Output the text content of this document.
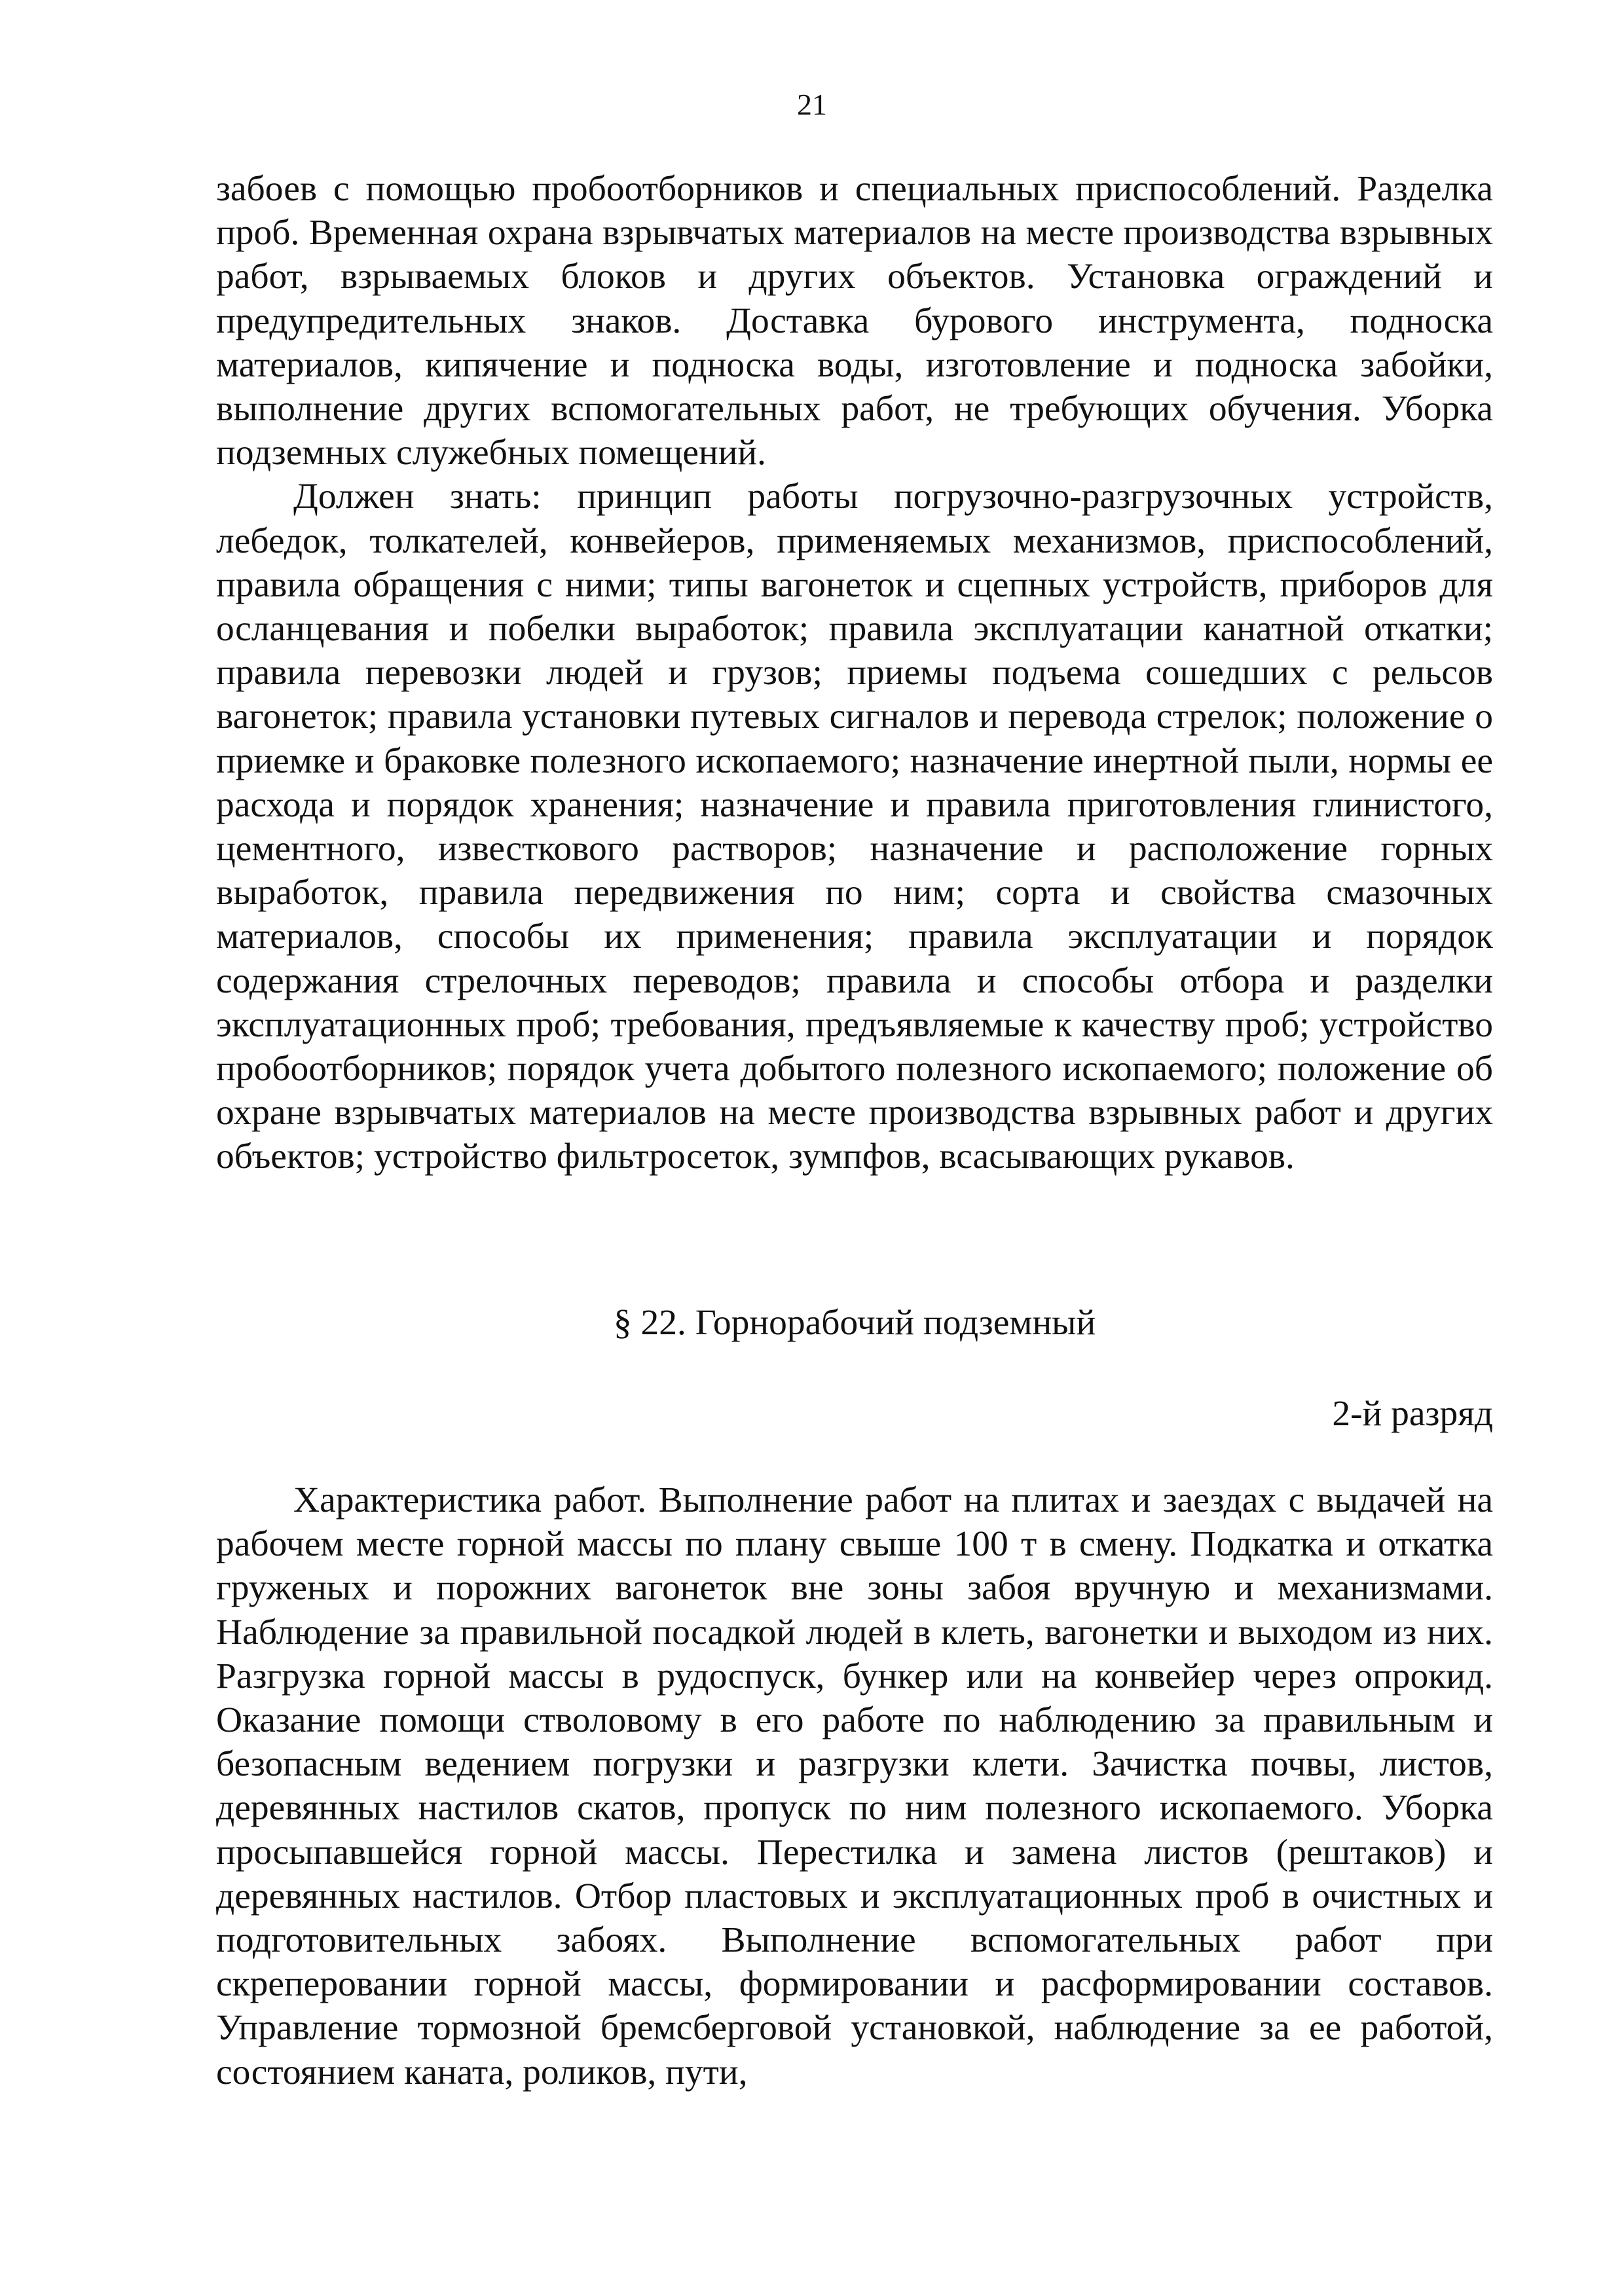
21

забоев с помощью пробоотборников и специальных приспособлений. Разделка проб. Временная охрана взрывчатых материалов на месте производства взрывных работ, взрываемых блоков и других объектов. Установка ограждений и предупредительных знаков. Доставка бурового инструмента, подноска материалов, кипячение и подноска воды, изготовление и подноска забойки, выполнение других вспомогательных работ, не требующих обучения. Уборка подземных служебных помещений.

Должен знать: принцип работы погрузочно-разгрузочных устройств, лебедок, толкателей, конвейеров, применяемых механизмов, приспособлений, правила обращения с ними; типы вагонеток и сцепных устройств, приборов для осланцевания и побелки выработок; правила эксплуатации канатной откатки; правила перевозки людей и грузов; приемы подъема сошедших с рельсов вагонеток; правила установки путевых сигналов и перевода стрелок; положение о приемке и браковке полезного ископаемого; назначение инертной пыли, нормы ее расхода и порядок хранения; назначение и правила приготовления глинистого, цементного, известкового растворов; назначение и расположение горных выработок, правила передвижения по ним; сорта и свойства смазочных материалов, способы их применения; правила эксплуатации и порядок содержания стрелочных переводов; правила и способы отбора и разделки эксплуатационных проб; требования, предъявляемые к качеству проб; устройство пробоотборников; порядок учета добытого полезного ископаемого; положение об охране взрывчатых материалов на месте производства взрывных работ и других объектов; устройство фильтросеток, зумпфов, всасывающих рукавов.

§ 22. Горнорабочий подземный
2-й разряд

Характеристика работ. Выполнение работ на плитах и заездах с выдачей на рабочем месте горной массы по плану свыше 100 т в смену. Подкатка и откатка груженых и порожних вагонеток вне зоны забоя вручную и механизмами. Наблюдение за правильной посадкой людей в клеть, вагонетки и выходом из них. Разгрузка горной массы в рудоспуск, бункер или на конвейер через опрокид. Оказание помощи стволовому в его работе по наблюдению за правильным и безопасным ведением погрузки и разгрузки клети. Зачистка почвы, листов, деревянных настилов скатов, пропуск по ним полезного ископаемого. Уборка просыпавшейся горной массы. Перестилка и замена листов (рештаков) и деревянных настилов. Отбор пластовых и эксплуатационных проб в очистных и подготовительных забоях. Выполнение вспомогательных работ при скреперовании горной массы, формировании и расформировании составов. Управление тормозной бремсберговой установкой, наблюдение за ее работой, состоянием каната, роликов, пути,
